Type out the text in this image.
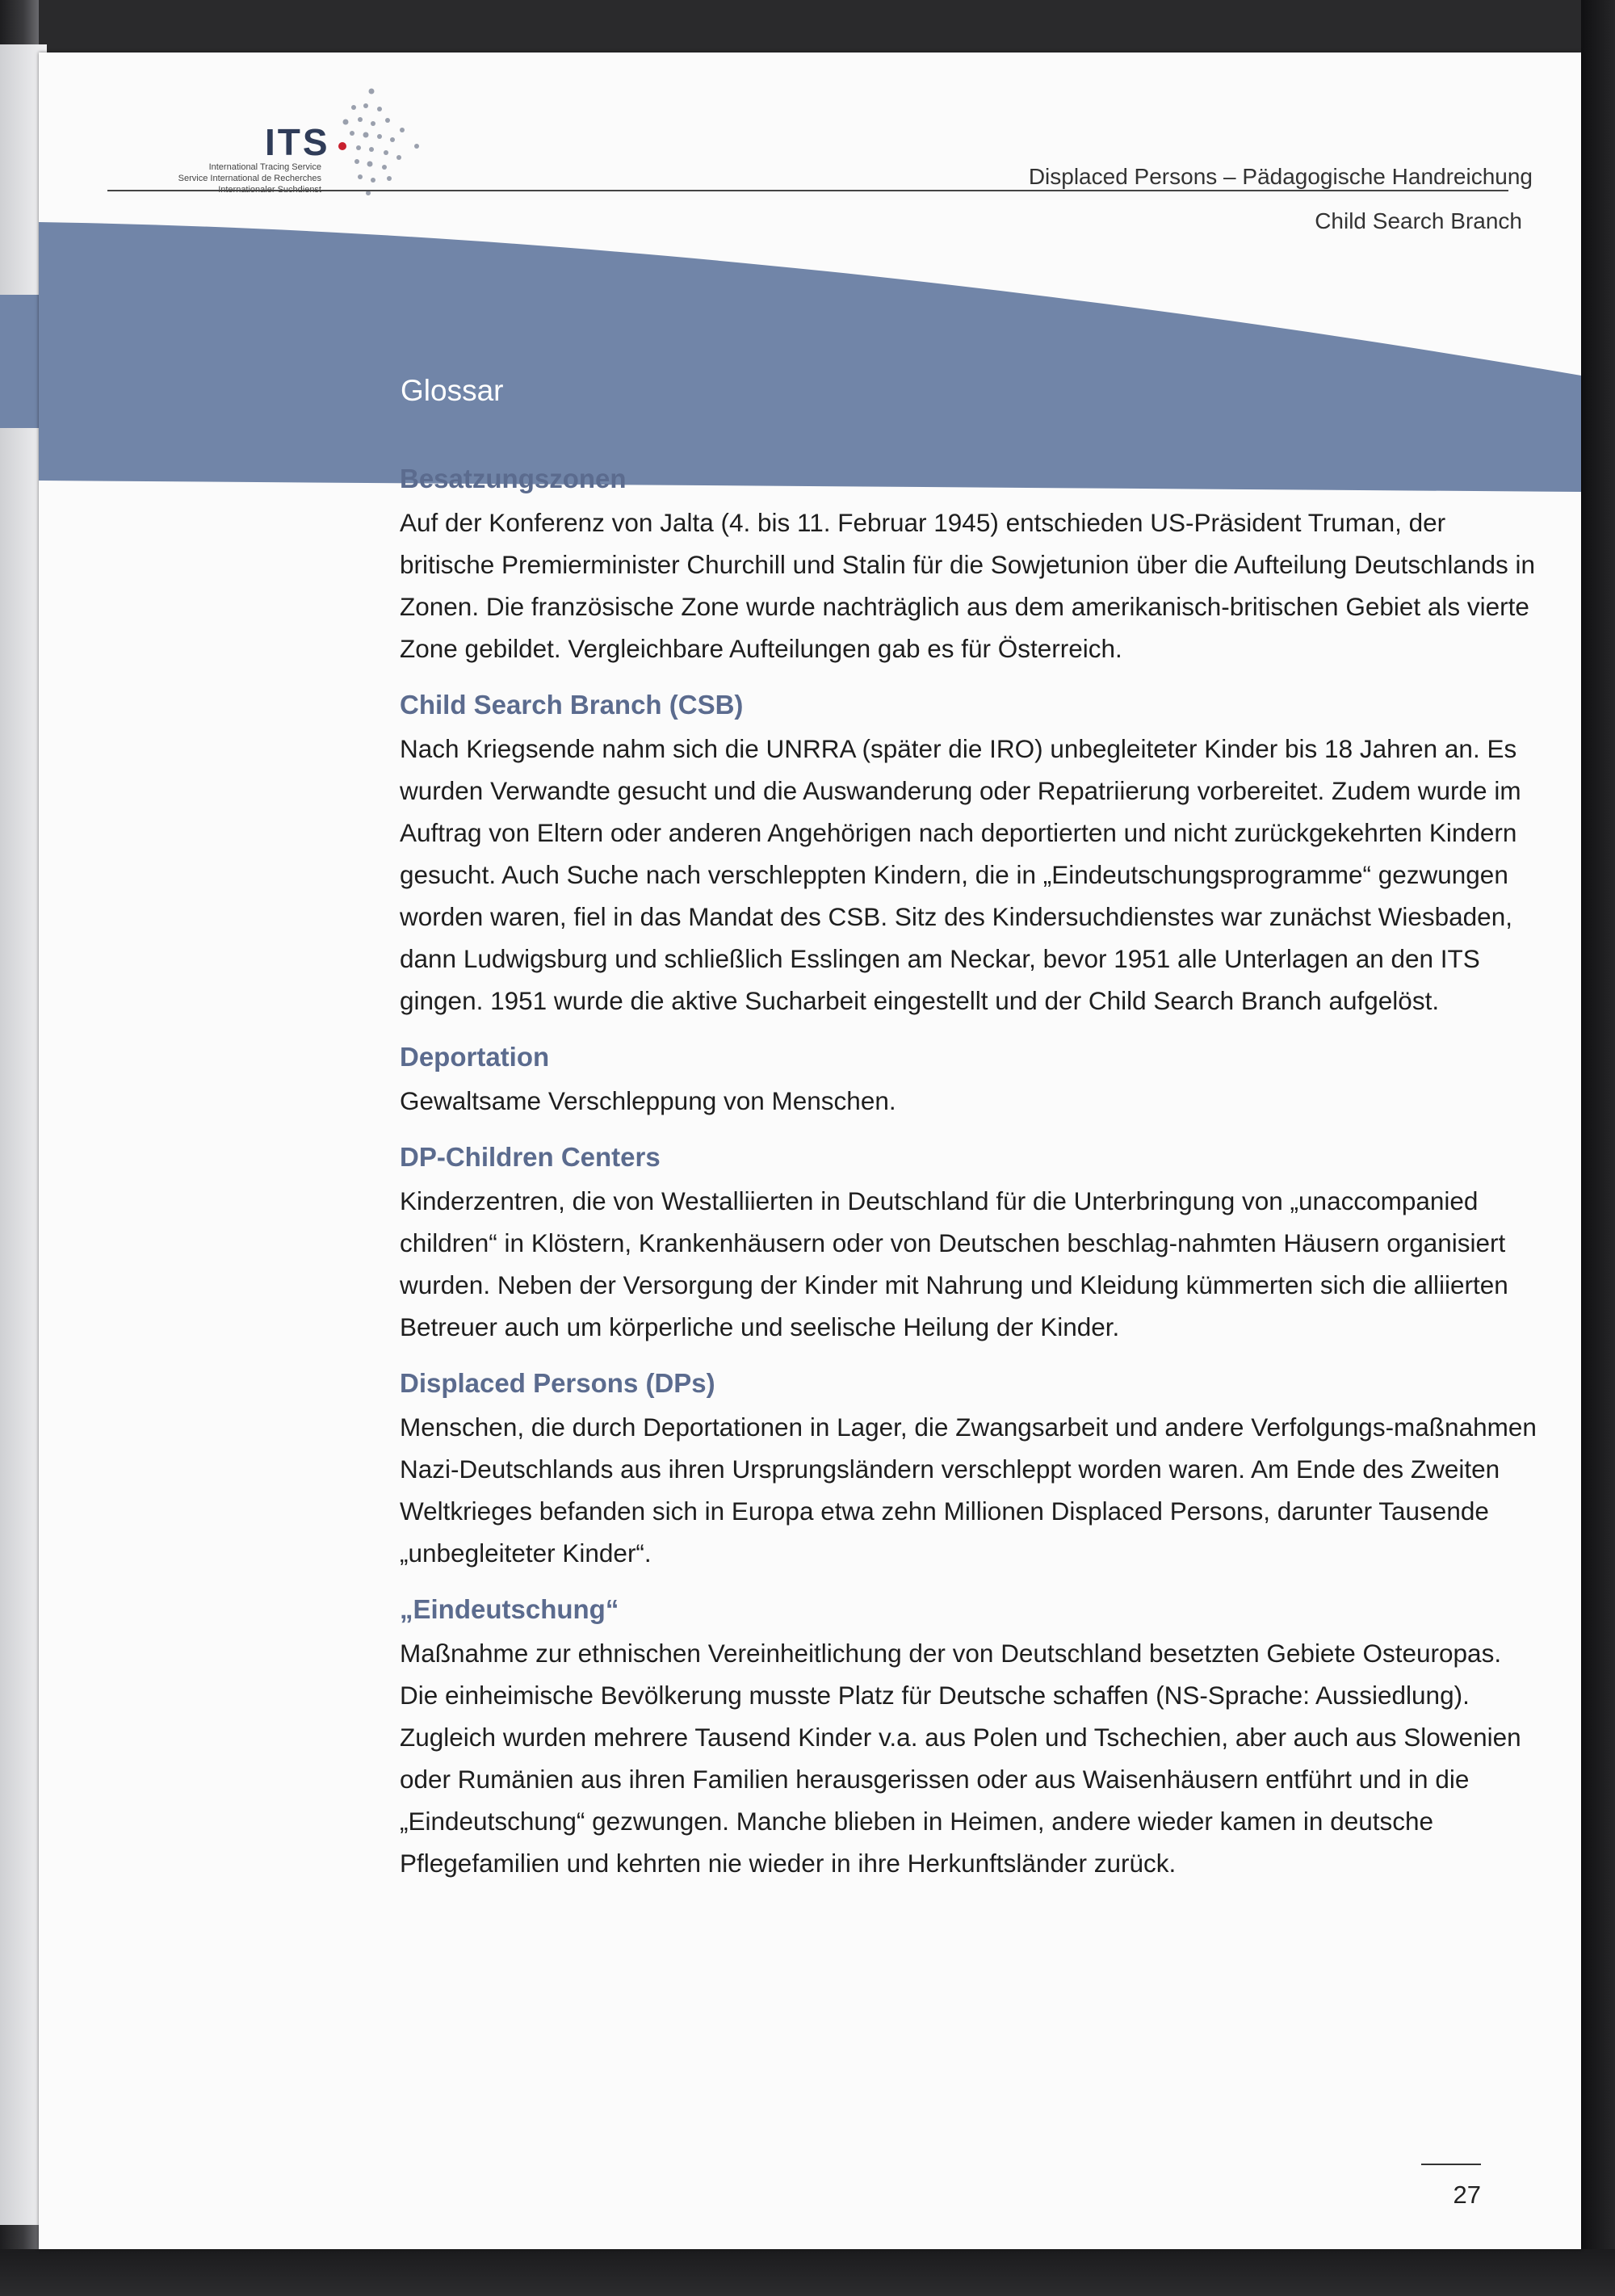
ITS
International Tracing Service
Service International de Recherches	Displaced Persons – Pädagogische Handreichung
Child Search Branch
Glossar
Besatzungszonen

Auf der Konferenz von Jalta (4. bis 11. Februar 1945) entschieden US-Präsident Truman, der britische Premierminister Churchill und Stalin für die Sowjetunion über die Aufteilung Deutschlands in Zonen. Die französische Zone wurde nachträglich aus dem amerikanisch-britischen Gebiet als vierte Zone gebildet. Vergleichbare Aufteilungen gab es für Österreich.

Child Search Branch (CSB)

Nach Kriegsende nahm sich die UNRRA (später die IRO) unbegleiteter Kinder bis 18 Jahren an. Es wurden Verwandte gesucht und die Auswanderung oder Repatriierung vorbereitet. Zudem wurde im Auftrag von Eltern oder anderen Angehörigen nach deportierten und nicht zurückgekehrten Kindern gesucht. Auch Suche nach verschleppten Kindern, die in „Eindeutschungsprogramme“ gezwungen worden waren, fiel in das Mandat des CSB. Sitz des Kindersuchdienstes war zunächst Wiesbaden, dann Ludwigsburg und schließlich Esslingen am Neckar, bevor 1951 alle Unterlagen an den ITS gingen. 1951 wurde die aktive Sucharbeit eingestellt und der Child Search Branch aufgelöst.

Deportation

Gewaltsame Verschleppung von Menschen.

DP-Children Centers

Kinderzentren, die von Westalliierten in Deutschland für die Unterbringung von „unaccompanied children“ in Klöstern, Krankenhäusern oder von Deutschen beschlag-nahmten Häusern organisiert wurden. Neben der Versorgung der Kinder mit Nahrung und Kleidung kümmerten sich die alliierten Betreuer auch um körperliche und seelische Heilung der Kinder.

Displaced Persons (DPs)

Menschen, die durch Deportationen in Lager, die Zwangsarbeit und andere Verfolgungs-maßnahmen Nazi-Deutschlands aus ihren Ursprungsländern verschleppt worden waren. Am Ende des Zweiten Weltkrieges befanden sich in Europa etwa zehn Millionen Displaced Persons, darunter Tausende „unbegleiteter Kinder“.

„Eindeutschung“

Maßnahme zur ethnischen Vereinheitlichung der von Deutschland besetzten Gebiete Osteuropas. Die einheimische Bevölkerung musste Platz für Deutsche schaffen (NS-Sprache: Aussiedlung). Zugleich wurden mehrere Tausend Kinder v.a. aus Polen und Tschechien, aber auch aus Slowenien oder Rumänien aus ihren Familien herausgerissen oder aus Waisenhäusern entführt und in die „Eindeutschung“ gezwungen. Manche blieben in Heimen, andere wieder kamen in deutsche Pflegefamilien und kehrten nie wieder in ihre Herkunftsländer zurück.

27
